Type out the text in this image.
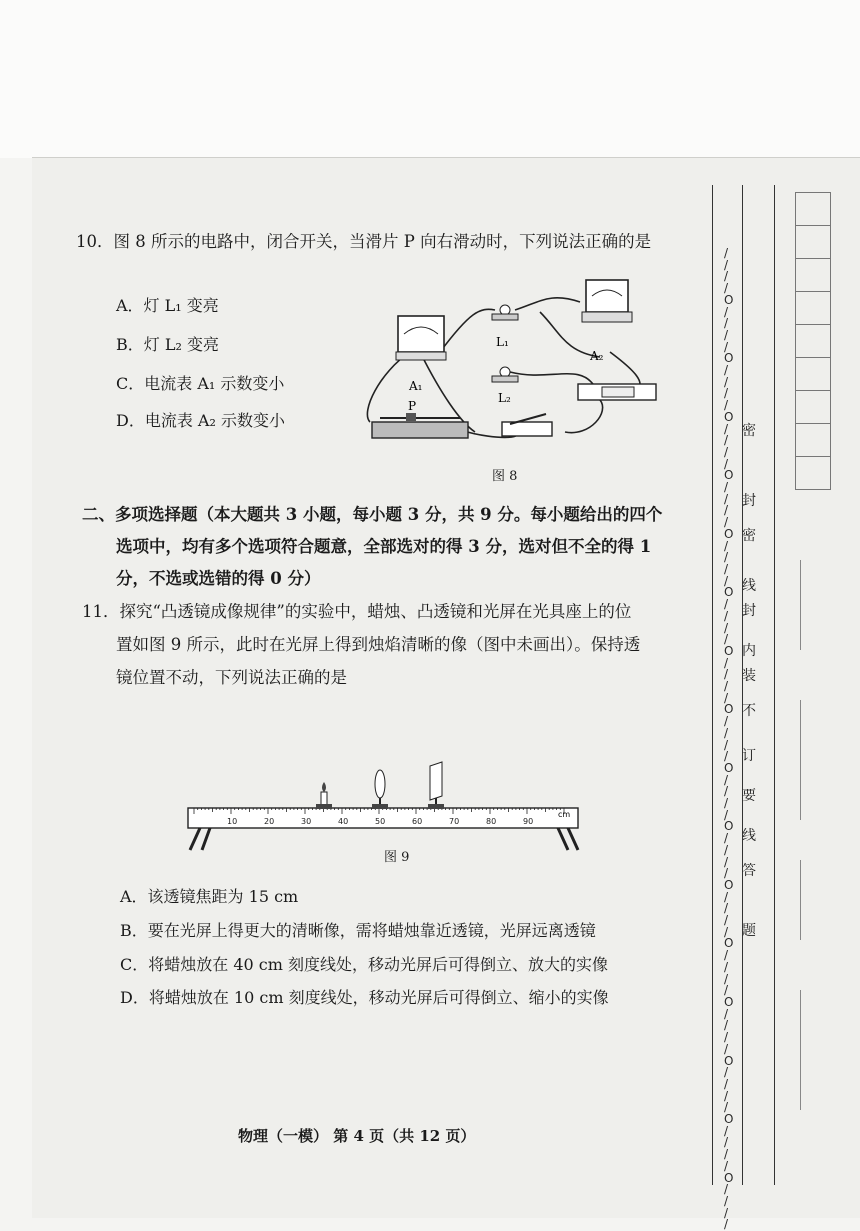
10．图 8 所示的电路中，闭合开关，当滑片 P 向右滑动时，下列说法正确的是
A．灯 L₁ 变亮
B．灯 L₂ 变亮
C．电流表 A₁ 示数变小
D．电流表 A₂ 示数变小
A₁
A₂
L₁
L₂
P
图 8
二、多项选择题（本大题共 3 小题，每小题 3 分，共 9 分。每小题给出的四个
选项中，均有多个选项符合题意，全部选对的得 3 分，选对但不全的得 1
分，不选或选错的得 0 分）
11．探究“凸透镜成像规律”的实验中，蜡烛、凸透镜和光屏在光具座上的位
置如图 9 所示，此时在光屏上得到烛焰清晰的像（图中未画出）。保持透
镜位置不动，下列说法正确的是
10	20	30	40	50	60	70	80	90
cm
图 9
A．该透镜焦距为 15 cm
B．要在光屏上得更大的清晰像，需将蜡烛靠近透镜，光屏远离透镜
C．将蜡烛放在 40 cm 刻度线处，移动光屏后可得倒立、放大的实像
D．将蜡烛放在 10 cm 刻度线处，移动光屏后可得倒立、缩小的实像
物理（一模） 第 4 页（共 12 页）
/
/
/
/
O
/
/
/
/
O
/
/
/
/
O
/
/
/
/
O
/
/
/
/
O
/
/
/
/
O
/
/
/
/
O
/
/
/
/
O
/
/
/
/
O
/
/
/
/
O
/
/
/
/
O
/
/
/
/
O
/
/
/
/
O
/
/
/
/
O
/
/
/
/
O
/
/
/
/
O
/
/
/
/
密
封
线
密
封
内
装
不
订
要
线
答
题
